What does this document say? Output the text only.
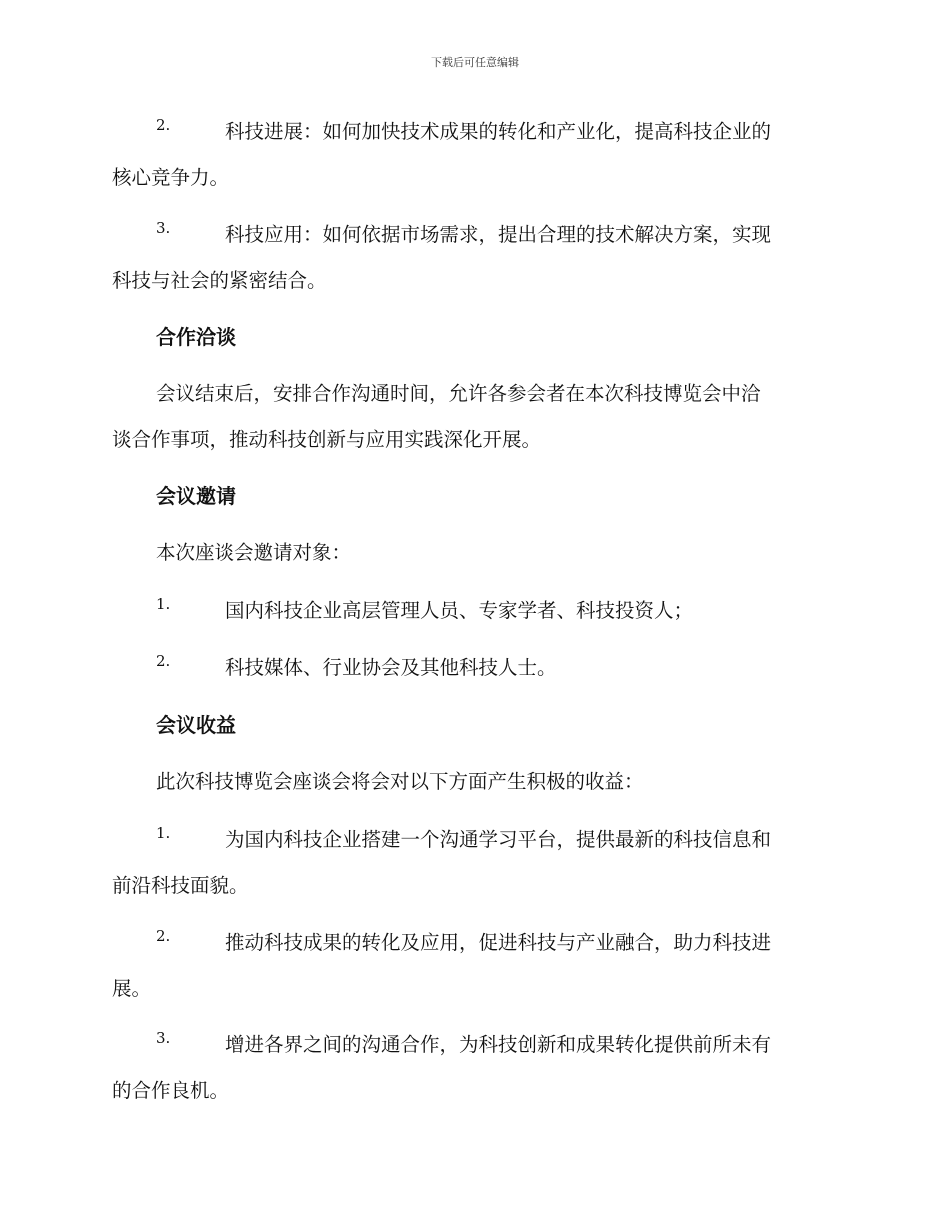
下载后可任意编辑
2.	科技进展：如何加快技术成果的转化和产业化，提高科技企业的
核心竞争力。
3.	科技应用：如何依据市场需求，提出合理的技术解决方案，实现
科技与社会的紧密结合。
合作洽谈
会议结束后，安排合作沟通时间，允许各参会者在本次科技博览会中洽
谈合作事项，推动科技创新与应用实践深化开展。
会议邀请
本次座谈会邀请对象：
1.	国内科技企业高层管理人员、专家学者、科技投资人；
2.	科技媒体、行业协会及其他科技人士。
会议收益
此次科技博览会座谈会将会对以下方面产生积极的收益：
1.	为国内科技企业搭建一个沟通学习平台，提供最新的科技信息和
前沿科技面貌。
2.	推动科技成果的转化及应用，促进科技与产业融合，助力科技进
展。
3.	增进各界之间的沟通合作，为科技创新和成果转化提供前所未有
的合作良机。
